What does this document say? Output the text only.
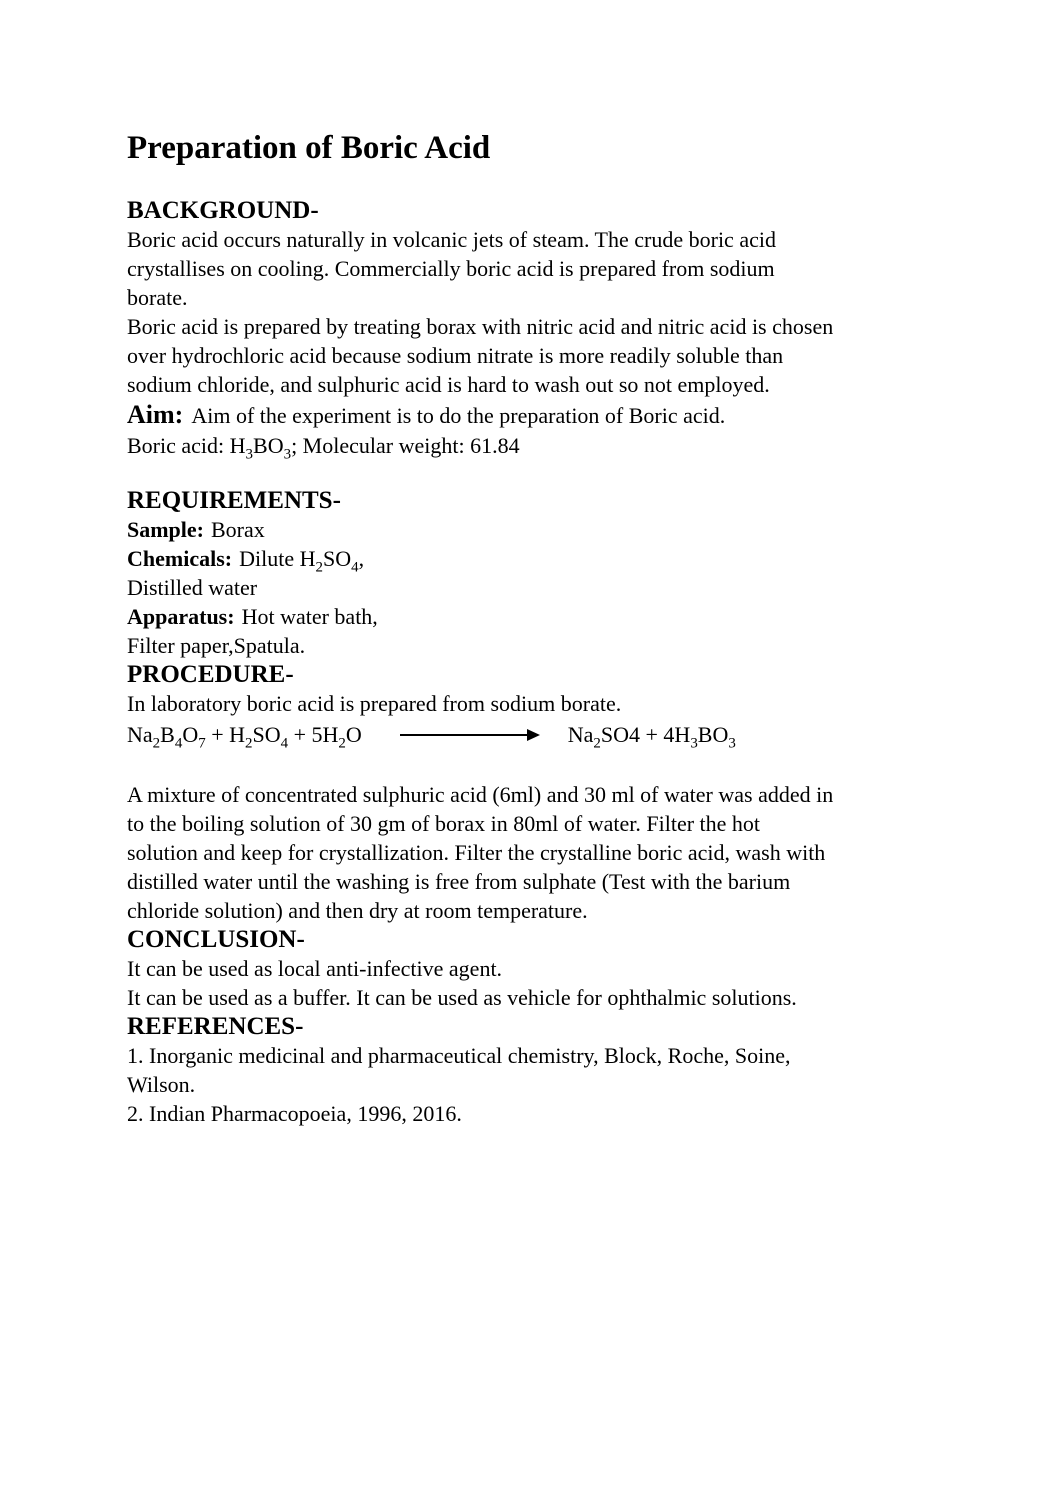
Preparation of Boric Acid
BACKGROUND-
Boric acid occurs naturally in volcanic jets of steam. The crude boric acid
crystallises on cooling. Commercially boric acid is prepared from sodium
borate.
Boric acid is prepared by treating borax with nitric acid and nitric acid is chosen
over hydrochloric acid because sodium nitrate is more readily soluble than
sodium chloride, and sulphuric acid is hard to wash out so not employed.
Aim: Aim of the experiment is to do the preparation of Boric acid.
Boric acid: $H_3BO_3$; Molecular weight: 61.84
REQUIREMENTS-
Sample: Borax
Chemicals: Dilute $H_2SO_4$,
Distilled water
Apparatus: Hot water bath,
Filter paper,Spatula.
PROCEDURE-
In laboratory boric acid is prepared from sodium borate.
$Na_2B_4O_7 + H_2SO_4 + 5H_2O$	$Na_2SO4 + 4H_3BO_3$
A mixture of concentrated sulphuric acid (6ml) and 30 ml of water was added in
to the boiling solution of 30 gm of borax in 80ml of water. Filter the hot
solution and keep for crystallization. Filter the crystalline boric acid, wash with
distilled water until the washing is free from sulphate (Test with the barium
chloride solution) and then dry at room temperature.
CONCLUSION-
It can be used as local anti-infective agent.
It can be used as a buffer. It can be used as vehicle for ophthalmic solutions.
REFERENCES-
1. Inorganic medicinal and pharmaceutical chemistry, Block, Roche, Soine,
Wilson.
2. Indian Pharmacopoeia, 1996, 2016.
